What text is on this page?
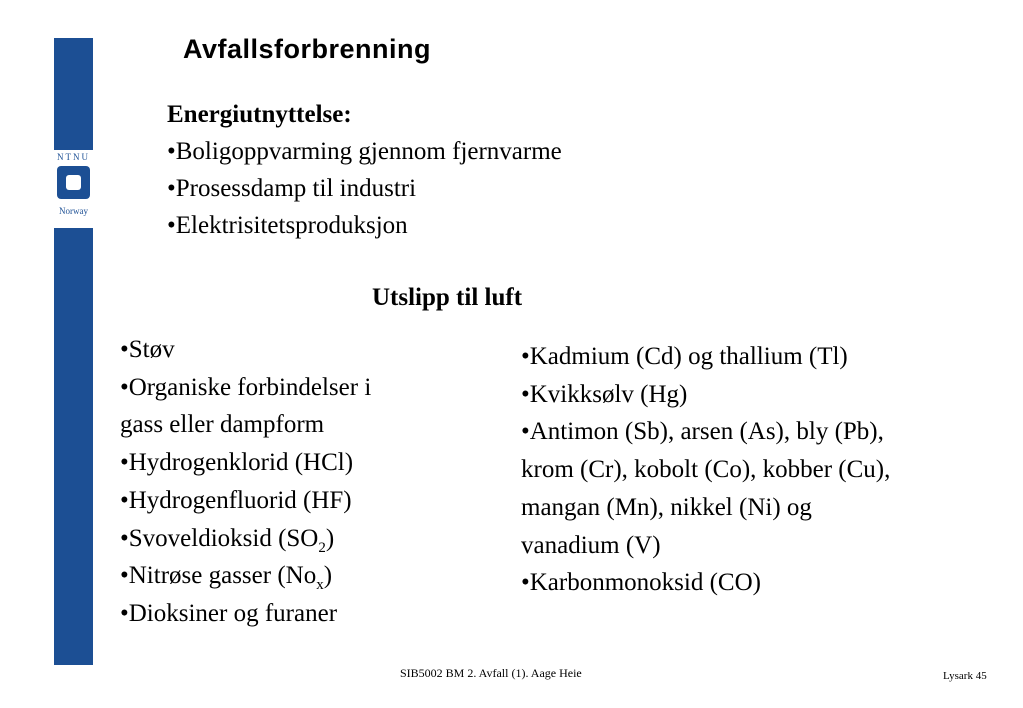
NTNU
Norway
Avfallsforbrenning
Energiutnyttelse:
•Boligoppvarming gjennom fjernvarme
•Prosessdamp til industri
•Elektrisitetsproduksjon
Utslipp til luft
•Støv
•Organiske forbindelser i
gass eller dampform
•Hydrogenklorid (HCl)
•Hydrogenfluorid (HF)
•Svoveldioksid $(SO_2)$
•Nitrøse gasser $(No_x)$
•Dioksiner og furaner
•Kadmium (Cd) og thallium (Tl)
•Kvikksølv (Hg)
•Antimon (Sb), arsen (As), bly (Pb),
krom (Cr), kobolt (Co), kobber (Cu),
mangan (Mn), nikkel (Ni) og
vanadium (V)
•Karbonmonoksid (CO)
SIB5002 BM 2. Avfall (1). Aage Heie	Lysark 45
